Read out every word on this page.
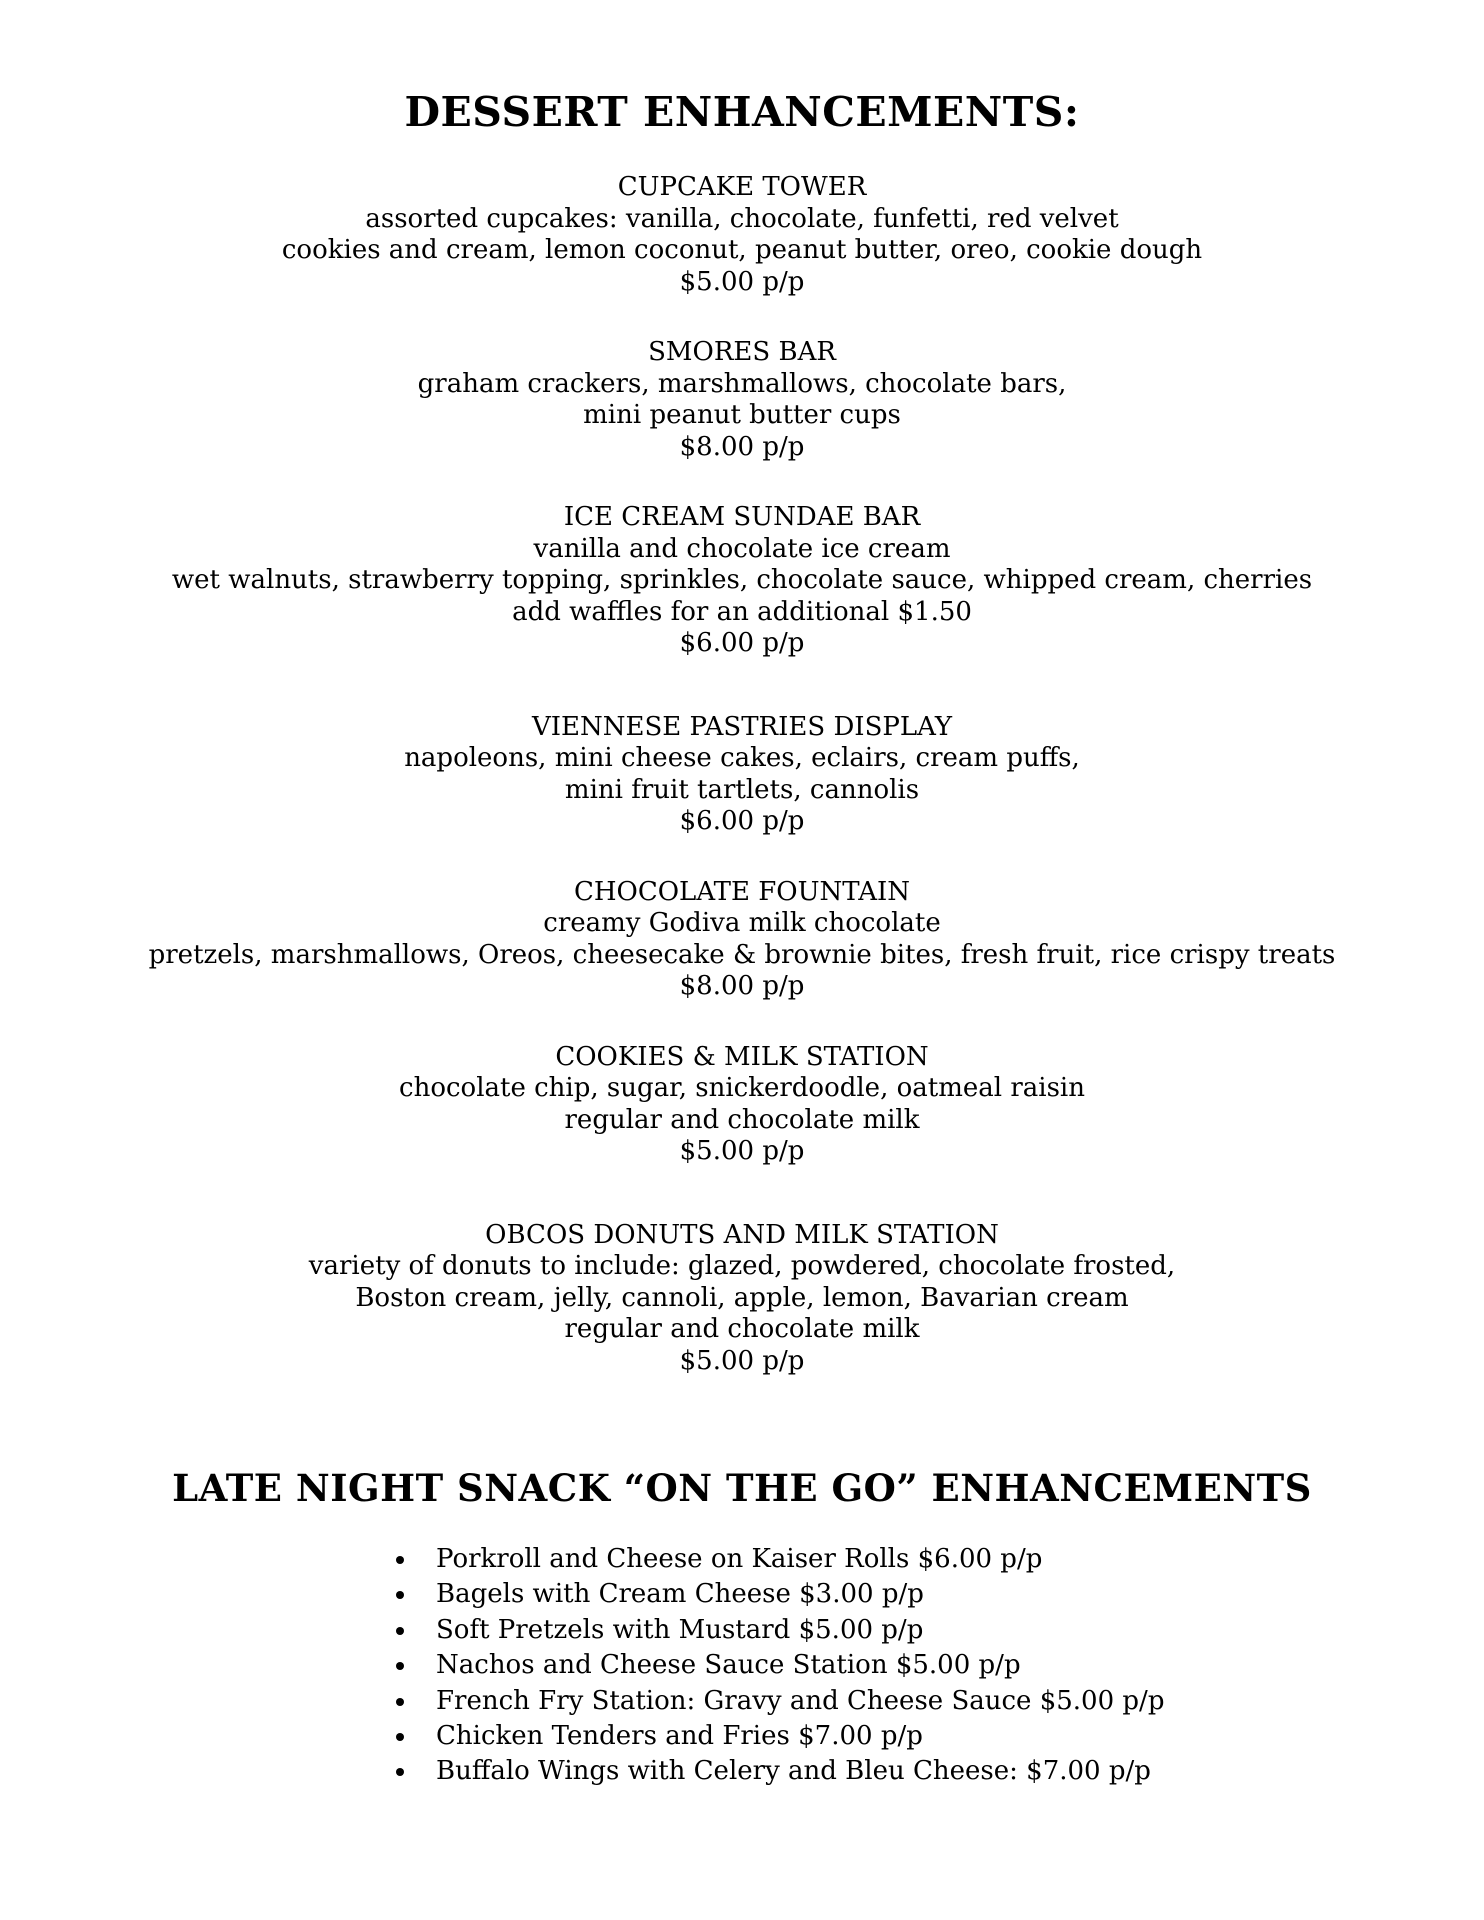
DESSERT ENHANCEMENTS:
CUPCAKE TOWER
assorted cupcakes: vanilla, chocolate, funfetti, red velvet
cookies and cream, lemon coconut, peanut butter, oreo, cookie dough
$5.00 p/p
SMORES BAR
graham crackers, marshmallows, chocolate bars,
mini peanut butter cups
$8.00 p/p
ICE CREAM SUNDAE BAR
vanilla and chocolate ice cream
wet walnuts, strawberry topping, sprinkles, chocolate sauce, whipped cream, cherries
add waffles for an additional $1.50
$6.00 p/p
VIENNESE PASTRIES DISPLAY
napoleons, mini cheese cakes, eclairs, cream puffs,
mini fruit tartlets, cannolis
$6.00 p/p
CHOCOLATE FOUNTAIN
creamy Godiva milk chocolate
pretzels, marshmallows, Oreos, cheesecake & brownie bites, fresh fruit, rice crispy treats
$8.00 p/p
COOKIES & MILK STATION
chocolate chip, sugar, snickerdoodle, oatmeal raisin
regular and chocolate milk
$5.00 p/p
OBCOS DONUTS AND MILK STATION
variety of donuts to include: glazed, powdered, chocolate frosted,
Boston cream, jelly, cannoli, apple, lemon, Bavarian cream
regular and chocolate milk
$5.00 p/p
LATE NIGHT SNACK “ON THE GO” ENHANCEMENTS
Porkroll and Cheese on Kaiser Rolls $6.00 p/p
Bagels with Cream Cheese $3.00 p/p
Soft Pretzels with Mustard $5.00 p/p
Nachos and Cheese Sauce Station $5.00 p/p
French Fry Station: Gravy and Cheese Sauce $5.00 p/p
Chicken Tenders and Fries $7.00 p/p
Buffalo Wings with Celery and Bleu Cheese: $7.00 p/p
